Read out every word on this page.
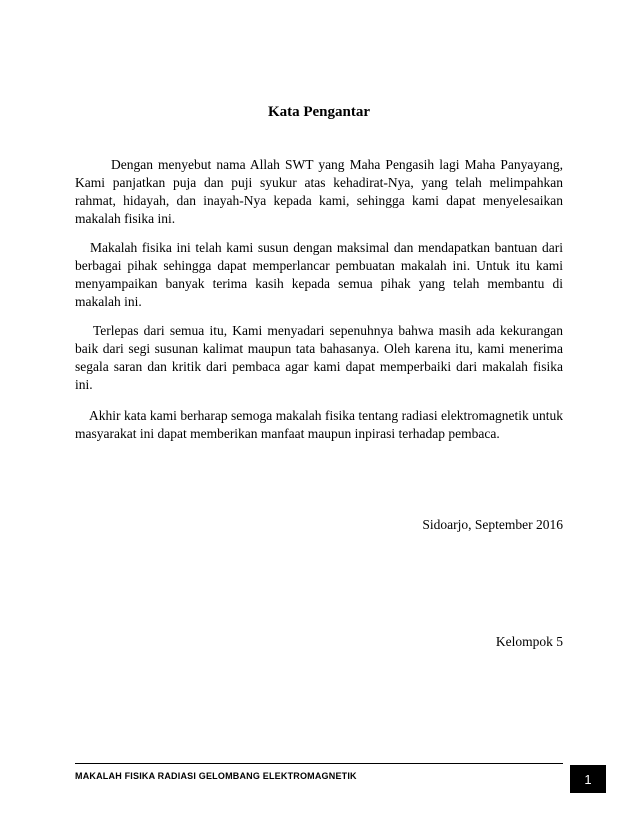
Kata Pengantar

Dengan menyebut nama Allah SWT yang Maha Pengasih lagi Maha Panyayang, Kami panjatkan puja dan puji syukur atas kehadirat-Nya, yang telah melimpahkan rahmat, hidayah, dan inayah-Nya kepada kami, sehingga kami dapat menyelesaikan makalah fisika ini.

Makalah fisika ini telah kami susun dengan maksimal dan mendapatkan bantuan dari berbagai pihak sehingga dapat memperlancar pembuatan makalah ini. Untuk itu kami menyampaikan banyak terima kasih kepada semua pihak yang telah membantu di makalah ini.

Terlepas dari semua itu, Kami menyadari sepenuhnya bahwa masih ada kekurangan baik dari segi susunan kalimat maupun tata bahasanya. Oleh karena itu, kami menerima segala saran dan kritik dari pembaca agar kami dapat memperbaiki dari makalah fisika ini.

Akhir kata kami berharap semoga makalah fisika tentang radiasi elektromagnetik untuk masyarakat ini dapat memberikan manfaat maupun inpirasi terhadap pembaca.

Sidoarjo, September 2016
Kelompok 5
MAKALAH FISIKA RADIASI GELOMBANG ELEKTROMAGNETIK	1
